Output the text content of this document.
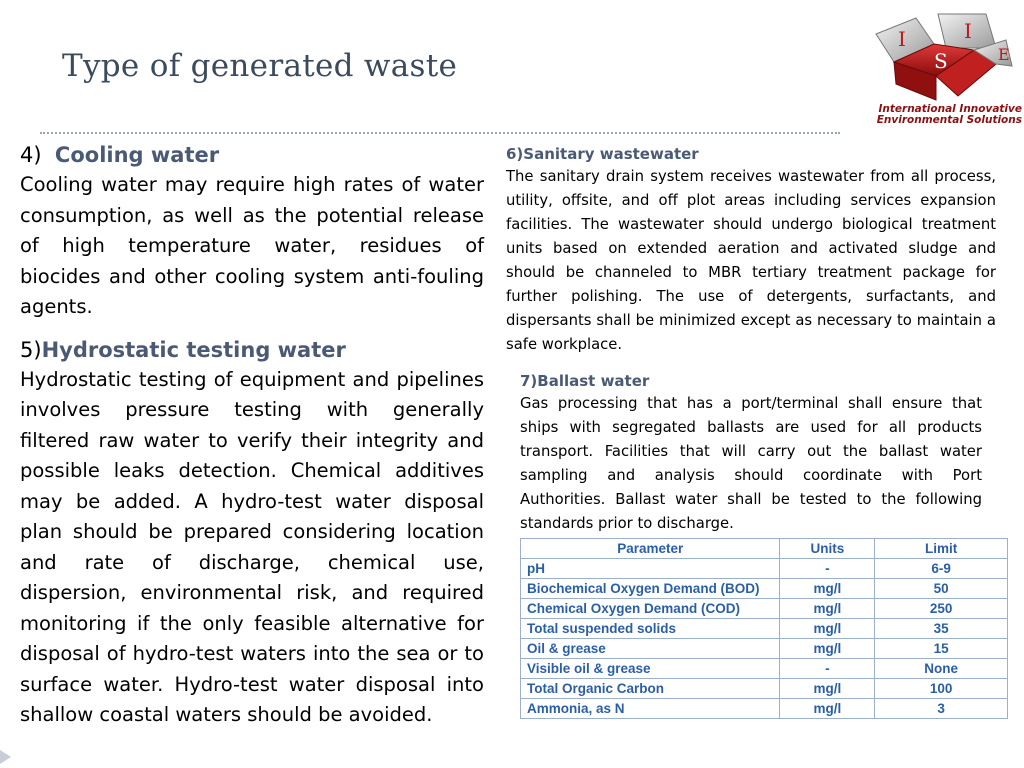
Type of generated waste
I	I
E
S
International Innovative
Environmental Solutions

4) Cooling water

Cooling water may require high rates of water consumption, as well as the potential release of high temperature water, residues of biocides and other cooling system anti-fouling agents.

5)Hydrostatic testing water

Hydrostatic testing of equipment and pipelines involves pressure testing with generally filtered raw water to verify their integrity and possible leaks detection. Chemical additives may be added. A hydro-test water disposal plan should be prepared considering location and rate of discharge, chemical use, dispersion, environmental risk, and required monitoring if the only feasible alternative for disposal of hydro-test waters into the sea or to surface water. Hydro-test water disposal into shallow coastal waters should be avoided.

6)Sanitary wastewater

The sanitary drain system receives wastewater from all process, utility, offsite, and off plot areas including services expansion facilities. The wastewater should undergo biological treatment units based on extended aeration and activated sludge and should be channeled to MBR tertiary treatment package for further polishing. The use of detergents, surfactants, and dispersants shall be minimized except as necessary to maintain a safe workplace.

7)Ballast water

Gas processing that has a port/terminal shall ensure that ships with segregated ballasts are used for all products transport. Facilities that will carry out the ballast water sampling and analysis should coordinate with Port Authorities. Ballast water shall be tested to the following standards prior to discharge.

Parameter	Units	Limit
pH	-	6-9
Biochemical Oxygen Demand (BOD)	mg/l	50
Chemical Oxygen Demand (COD)	mg/l	250
Total suspended solids	mg/l	35
Oil & grease	mg/l	15
Visible oil & grease	-	None
Total Organic Carbon	mg/l	100
Ammonia, as N	mg/l	3
